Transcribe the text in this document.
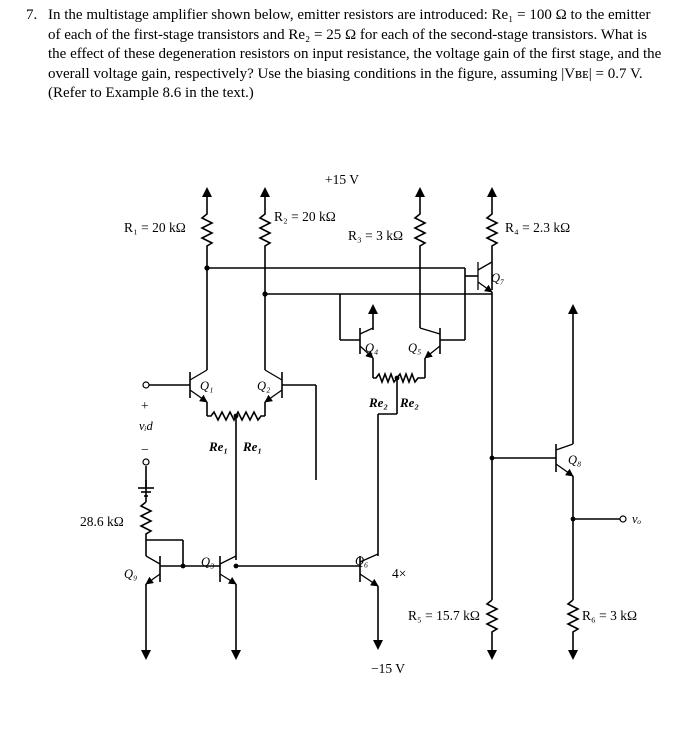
7. In the multistage amplifier shown below, emitter resistors are introduced: Re₁ = 100 Ω to the emitter
of each of the first-stage transistors and Re₂ = 25 Ω for each of the second-stage transistors. What is
the effect of these degeneration resistors on input resistance, the voltage gain of the first stage, and the
overall voltage gain, respectively? Use the biasing conditions in the figure, assuming |Vʙᴇ| = 0.7 V.
(Refer to Example 8.6 in the text.)
+15 V
−15 V
R₁ = 20 kΩ
R₂ = 20 kΩ
R₃ = 3 kΩ
R₄ = 2.3 kΩ
Q₁	Q₂
+
vᵢd
−	Re₁ Re₁
28.6 kΩ
Q₉
Q₃
Q₄ Q₅
Re₂ Re₂
Q₆
4×
Q₇
R₅ = 15.7 kΩ
Q₈
vₒ
R₆ = 3 kΩ
